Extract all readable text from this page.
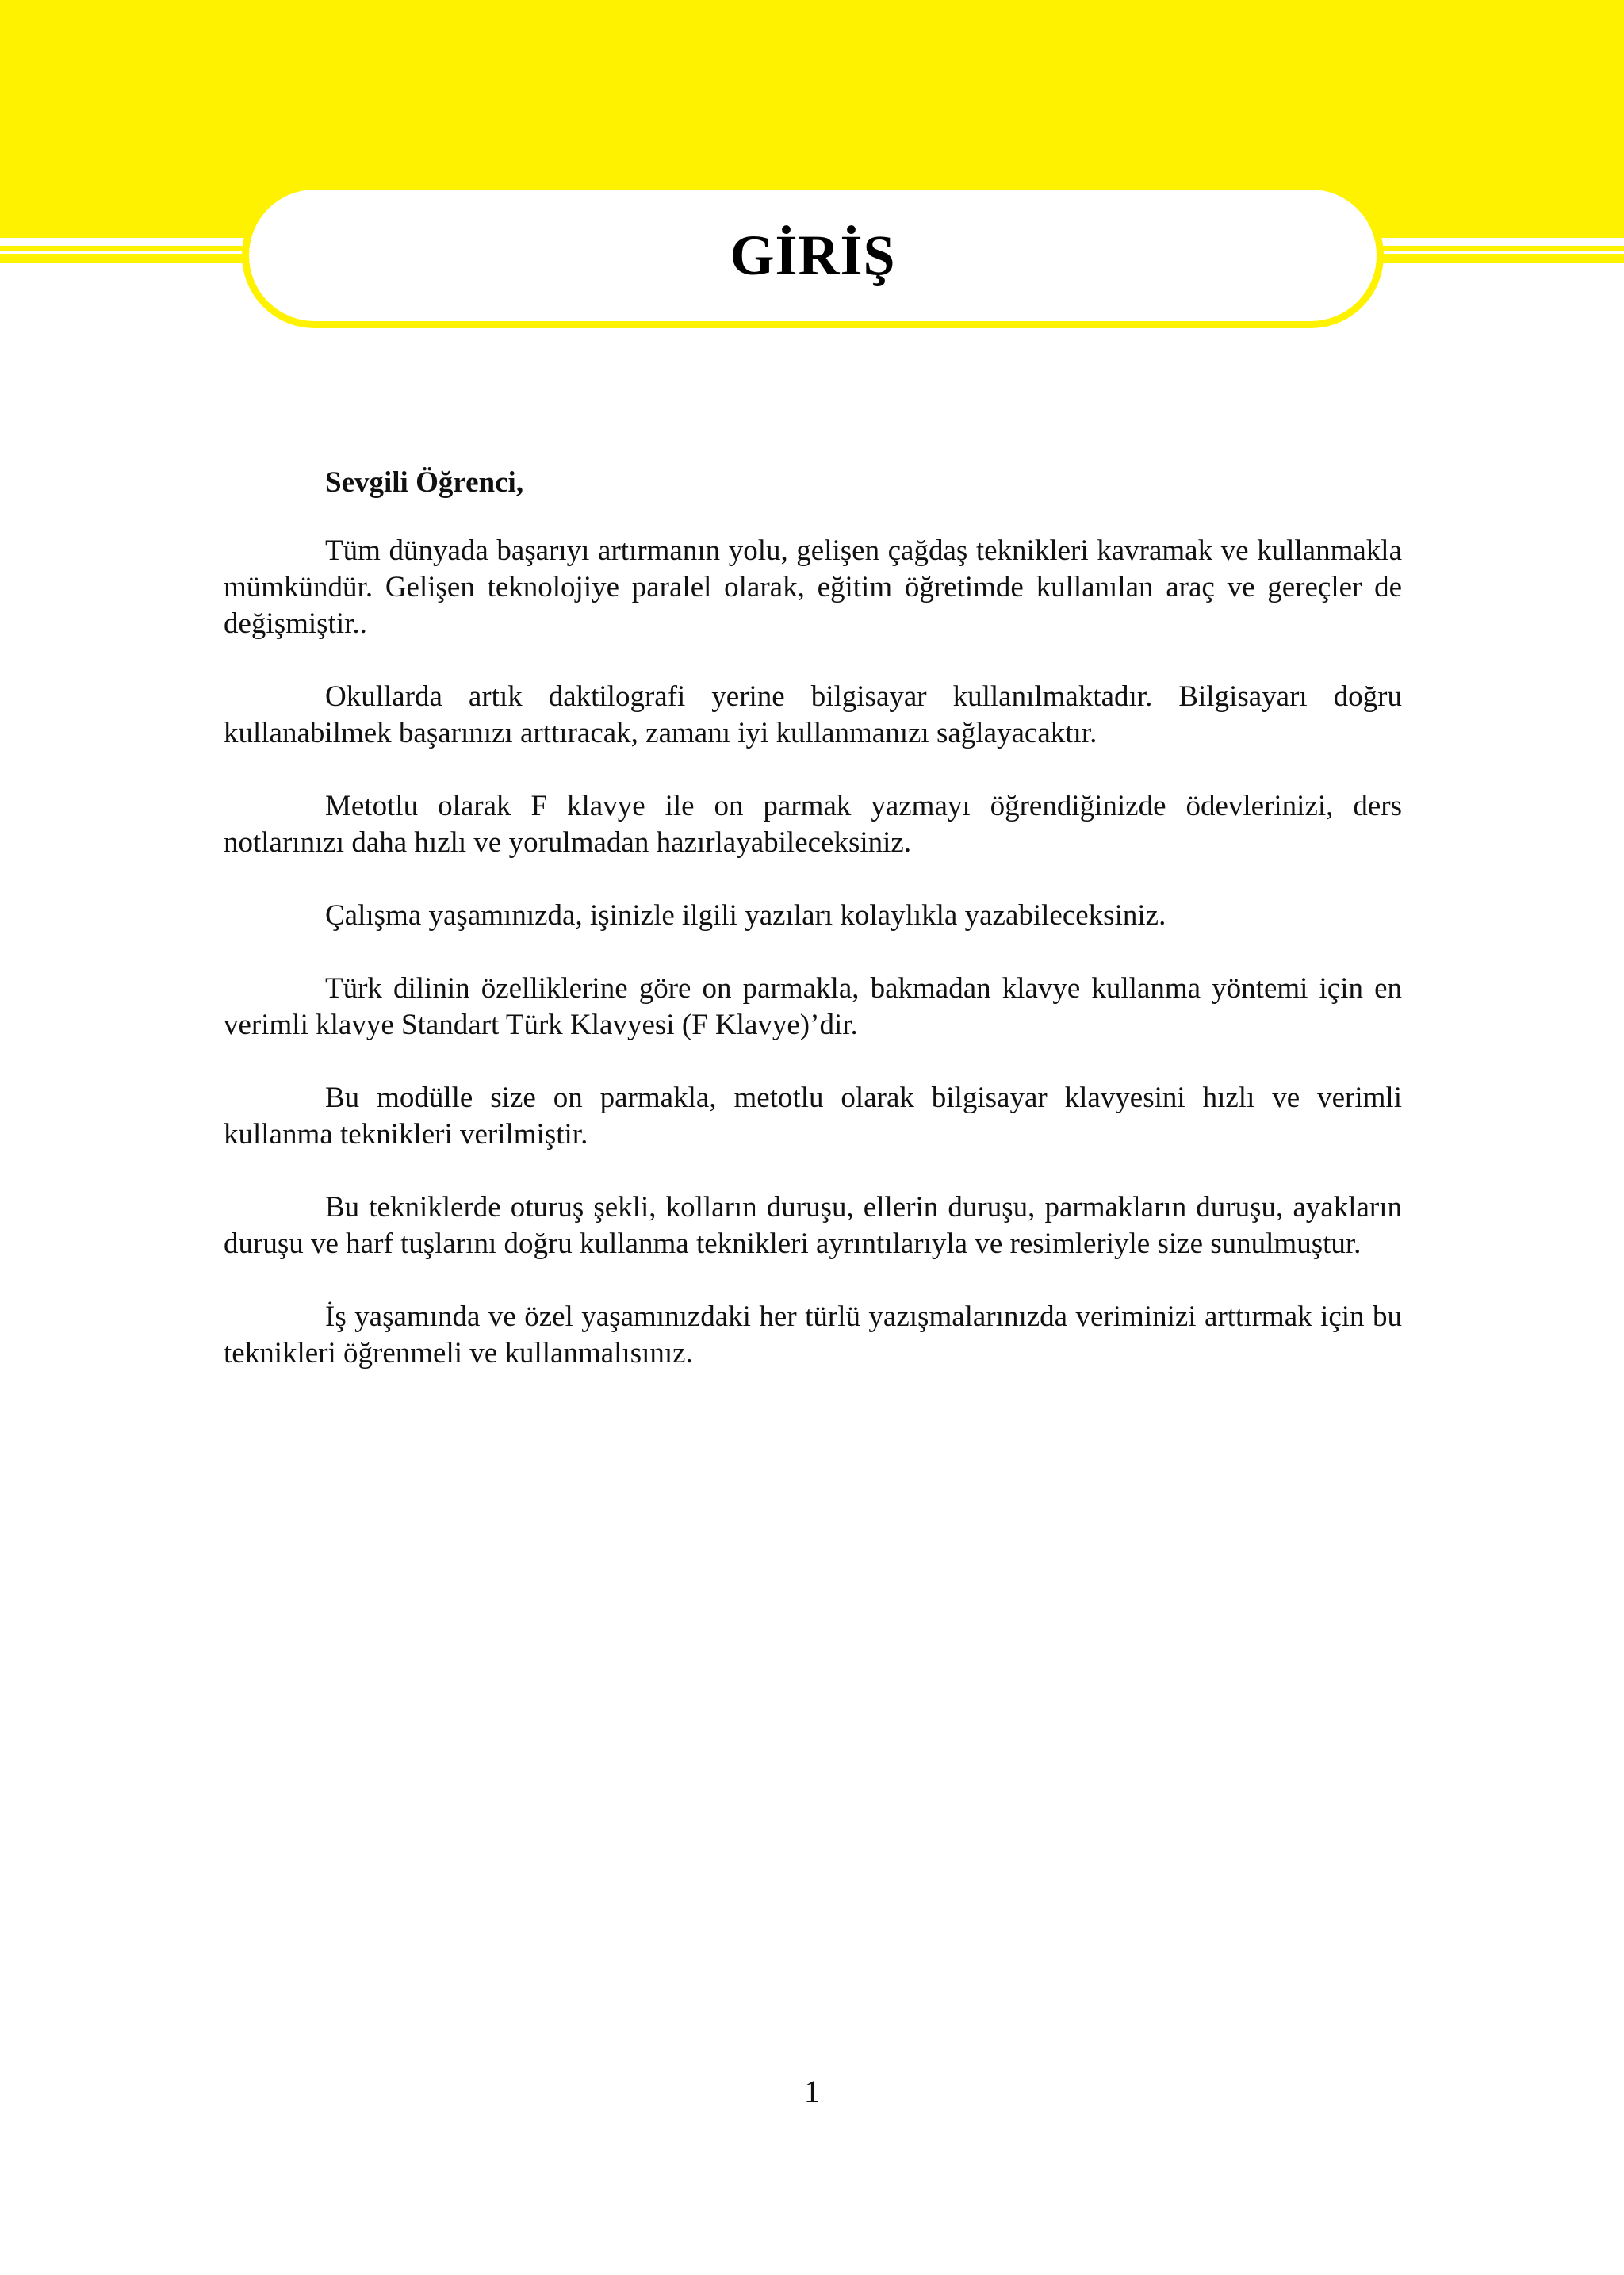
GİRİŞ

Sevgili Öğrenci,

Tüm dünyada başarıyı artırmanın yolu, gelişen çağdaş teknikleri kavramak ve kullanmakla mümkündür. Gelişen teknolojiye paralel olarak, eğitim öğretimde kullanılan araç ve gereçler de değişmiştir..

Okullarda artık daktilografi yerine bilgisayar kullanılmaktadır. Bilgisayarı doğru kullanabilmek başarınızı arttıracak, zamanı iyi kullanmanızı sağlayacaktır.

Metotlu olarak F klavye ile on parmak yazmayı öğrendiğinizde ödevlerinizi, ders notlarınızı daha hızlı ve yorulmadan hazırlayabileceksiniz.

Çalışma yaşamınızda, işinizle ilgili yazıları kolaylıkla yazabileceksiniz.

Türk dilinin özelliklerine göre on parmakla, bakmadan klavye kullanma yöntemi için en verimli klavye Standart Türk Klavyesi (F Klavye)’dir.

Bu modülle size on parmakla, metotlu olarak bilgisayar klavyesini hızlı ve verimli kullanma teknikleri verilmiştir.

Bu tekniklerde oturuş şekli, kolların duruşu, ellerin duruşu, parmakların duruşu, ayakların duruşu ve harf tuşlarını doğru kullanma teknikleri ayrıntılarıyla ve resimleriyle size sunulmuştur.

İş yaşamında ve özel yaşamınızdaki her türlü yazışmalarınızda veriminizi arttırmak için bu teknikleri öğrenmeli ve kullanmalısınız.

1
